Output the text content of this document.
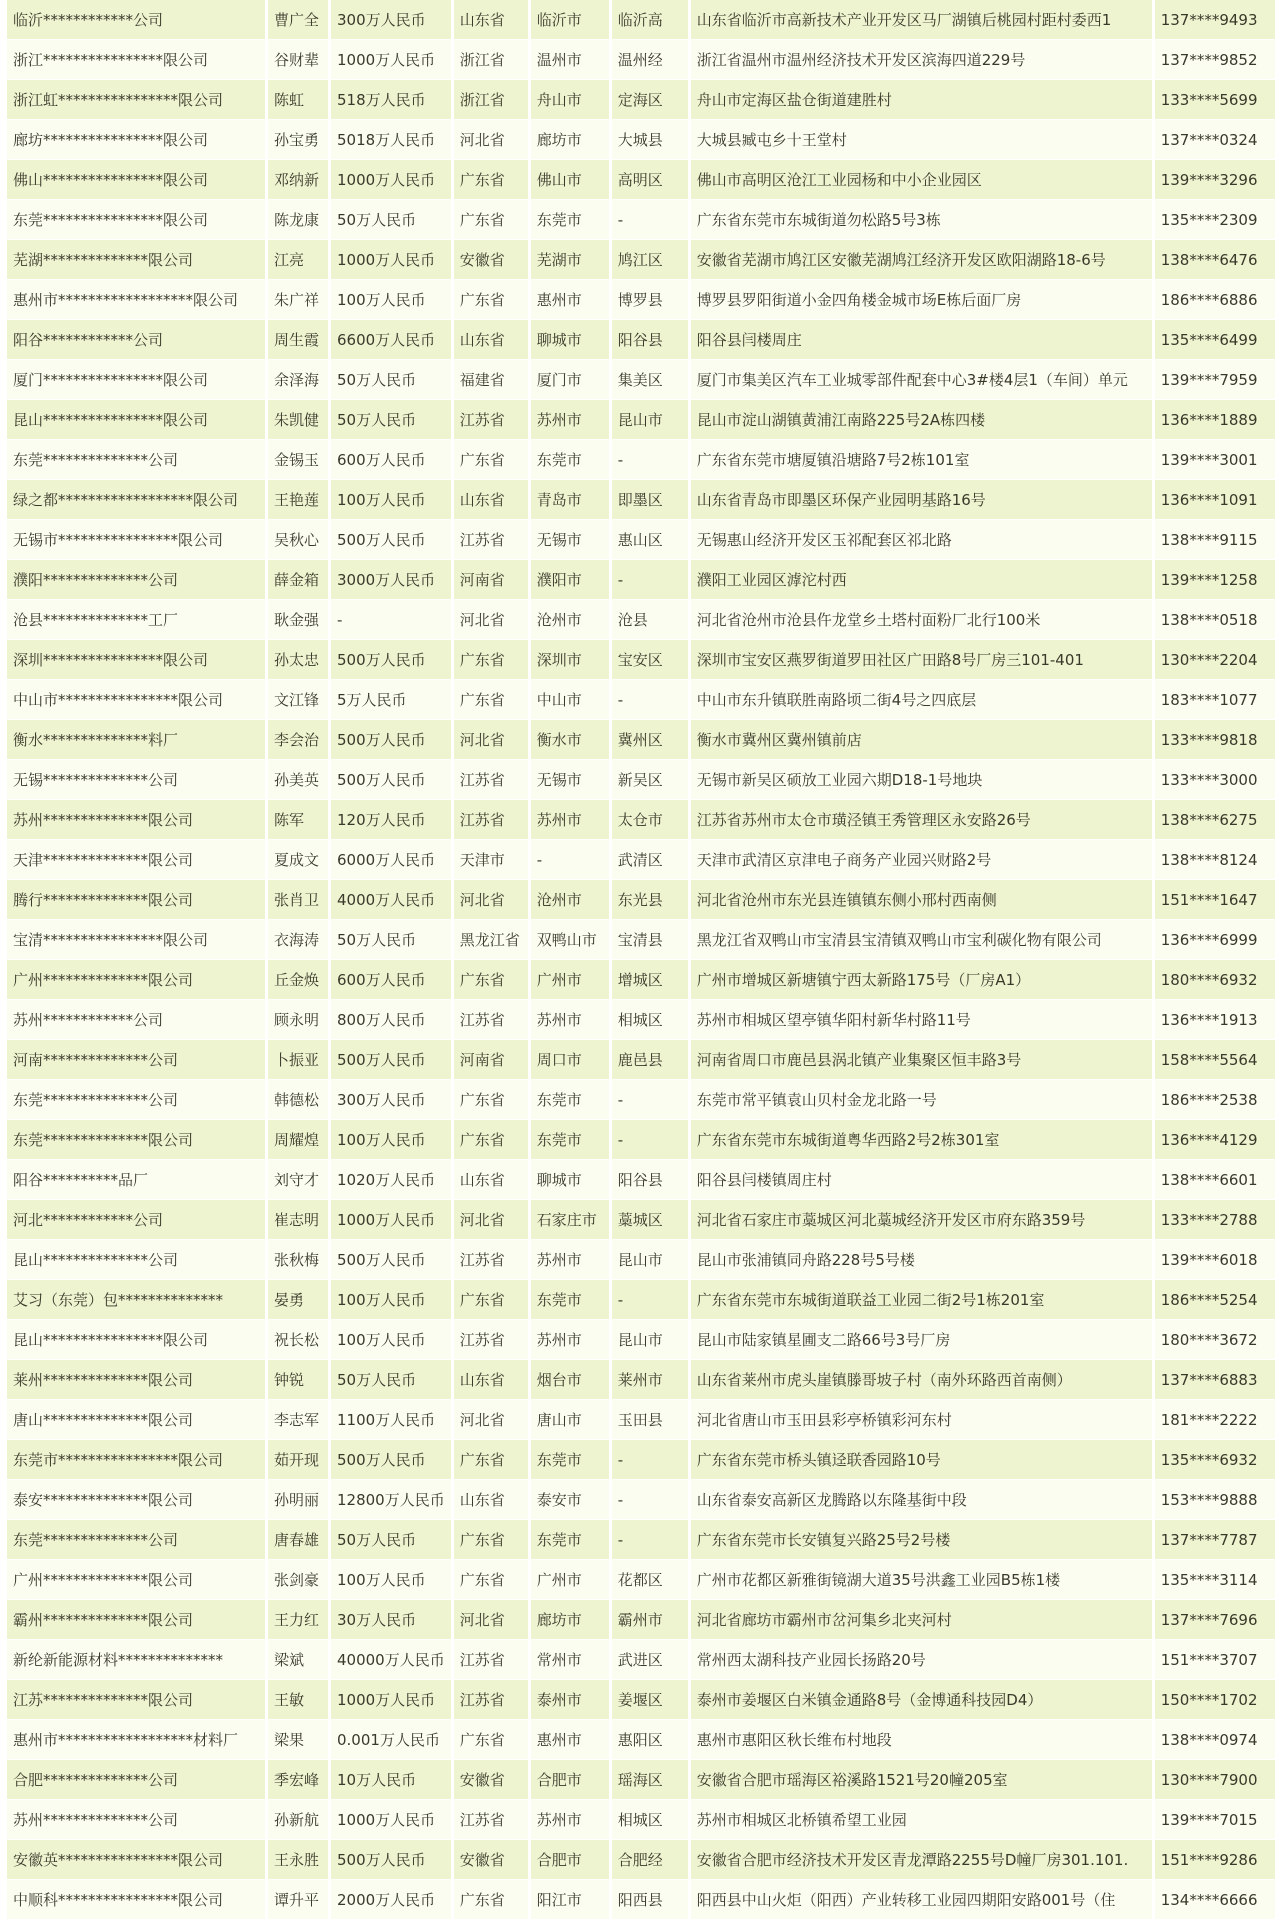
临沂************公司	曹广全	300万人民币	山东省	临沂市	临沂高	山东省临沂市高新技术产业开发区马厂湖镇后桃园村距村委西1	137****9493
浙江****************限公司	谷财辈	1000万人民币	浙江省	温州市	温州经	浙江省温州市温州经济技术开发区滨海四道229号	137****9852
浙江虹****************限公司	陈虹	518万人民币	浙江省	舟山市	定海区	舟山市定海区盐仓街道建胜村	133****5699
廊坊****************限公司	孙宝勇	5018万人民币	河北省	廊坊市	大城县	大城县臧屯乡十王堂村	137****0324
佛山****************限公司	邓纳新	1000万人民币	广东省	佛山市	高明区	佛山市高明区沧江工业园杨和中小企业园区	139****3296
东莞****************限公司	陈龙康	50万人民币	广东省	东莞市	-	广东省东莞市东城街道勿松路5号3栋	135****2309
芜湖**************限公司	江亮	1000万人民币	安徽省	芜湖市	鸠江区	安徽省芜湖市鸠江区安徽芜湖鸠江经济开发区欧阳湖路18-6号	138****6476
惠州市******************限公司	朱广祥	100万人民币	广东省	惠州市	博罗县	博罗县罗阳街道小金四角楼金城市场E栋后面厂房	186****6886
阳谷************公司	周生霞	6600万人民币	山东省	聊城市	阳谷县	阳谷县闫楼周庄	135****6499
厦门****************限公司	余泽海	50万人民币	福建省	厦门市	集美区	厦门市集美区汽车工业城零部件配套中心3#楼4层1（车间）单元	139****7959
昆山****************限公司	朱凯健	50万人民币	江苏省	苏州市	昆山市	昆山市淀山湖镇黄浦江南路225号2A栋四楼	136****1889
东莞**************公司	金锡玉	600万人民币	广东省	东莞市	-	广东省东莞市塘厦镇沿塘路7号2栋101室	139****3001
绿之都******************限公司	王艳莲	100万人民币	山东省	青岛市	即墨区	山东省青岛市即墨区环保产业园明基路16号	136****1091
无锡市****************限公司	吴秋心	500万人民币	江苏省	无锡市	惠山区	无锡惠山经济开发区玉祁配套区祁北路	138****9115
濮阳**************公司	薛金箱	3000万人民币	河南省	濮阳市	-	濮阳工业园区滹沱村西	139****1258
沧县**************工厂	耿金强	-	河北省	沧州市	沧县	河北省沧州市沧县仵龙堂乡土塔村面粉厂北行100米	138****0518
深圳****************限公司	孙太忠	500万人民币	广东省	深圳市	宝安区	深圳市宝安区燕罗街道罗田社区广田路8号厂房三101-401	130****2204
中山市****************限公司	文江锋	5万人民币	广东省	中山市	-	中山市东升镇联胜南路顷二街4号之四底层	183****1077
衡水**************料厂	李会治	500万人民币	河北省	衡水市	冀州区	衡水市冀州区冀州镇前店	133****9818
无锡**************公司	孙美英	500万人民币	江苏省	无锡市	新吴区	无锡市新吴区硕放工业园六期D18-1号地块	133****3000
苏州**************限公司	陈军	120万人民币	江苏省	苏州市	太仓市	江苏省苏州市太仓市璜泾镇王秀管理区永安路26号	138****6275
天津**************限公司	夏成文	6000万人民币	天津市	-	武清区	天津市武清区京津电子商务产业园兴财路2号	138****8124
腾行**************限公司	张肖卫	4000万人民币	河北省	沧州市	东光县	河北省沧州市东光县连镇镇东侧小邢村西南侧	151****1647
宝清****************限公司	衣海涛	50万人民币	黑龙江省	双鸭山市	宝清县	黑龙江省双鸭山市宝清县宝清镇双鸭山市宝利碳化物有限公司	136****6999
广州**************限公司	丘金焕	600万人民币	广东省	广州市	增城区	广州市增城区新塘镇宁西太新路175号（厂房A1）	180****6932
苏州************公司	顾永明	800万人民币	江苏省	苏州市	相城区	苏州市相城区望亭镇华阳村新华村路11号	136****1913
河南**************公司	卜振亚	500万人民币	河南省	周口市	鹿邑县	河南省周口市鹿邑县涡北镇产业集聚区恒丰路3号	158****5564
东莞**************公司	韩德松	300万人民币	广东省	东莞市	-	东莞市常平镇袁山贝村金龙北路一号	186****2538
东莞**************限公司	周耀煌	100万人民币	广东省	东莞市	-	广东省东莞市东城街道粤华西路2号2栋301室	136****4129
阳谷**********品厂	刘守才	1020万人民币	山东省	聊城市	阳谷县	阳谷县闫楼镇周庄村	138****6601
河北************公司	崔志明	1000万人民币	河北省	石家庄市	藁城区	河北省石家庄市藁城区河北藁城经济开发区市府东路359号	133****2788
昆山**************公司	张秋梅	500万人民币	江苏省	苏州市	昆山市	昆山市张浦镇同舟路228号5号楼	139****6018
艾习（东莞）包**************	晏勇	100万人民币	广东省	东莞市	-	广东省东莞市东城街道联益工业园二街2号1栋201室	186****5254
昆山****************限公司	祝长松	100万人民币	江苏省	苏州市	昆山市	昆山市陆家镇星圃支二路66号3号厂房	180****3672
莱州**************限公司	钟锐	50万人民币	山东省	烟台市	莱州市	山东省莱州市虎头崖镇滕哥坡子村（南外环路西首南侧）	137****6883
唐山**************限公司	李志军	1100万人民币	河北省	唐山市	玉田县	河北省唐山市玉田县彩亭桥镇彩河东村	181****2222
东莞市****************限公司	茹开现	500万人民币	广东省	东莞市	-	广东省东莞市桥头镇迳联香园路10号	135****6932
泰安**************限公司	孙明丽	12800万人民币	山东省	泰安市	-	山东省泰安高新区龙腾路以东隆基街中段	153****9888
东莞**************公司	唐春雄	50万人民币	广东省	东莞市	-	广东省东莞市长安镇复兴路25号2号楼	137****7787
广州**************限公司	张剑豪	100万人民币	广东省	广州市	花都区	广州市花都区新雅街镜湖大道35号洪鑫工业园B5栋1楼	135****3114
霸州**************限公司	王力红	30万人民币	河北省	廊坊市	霸州市	河北省廊坊市霸州市岔河集乡北夹河村	137****7696
新纶新能源材料**************	梁斌	40000万人民币	江苏省	常州市	武进区	常州西太湖科技产业园长扬路20号	151****3707
江苏**************限公司	王敏	1000万人民币	江苏省	泰州市	姜堰区	泰州市姜堰区白米镇金通路8号（金博通科技园D4）	150****1702
惠州市******************材料厂	梁果	0.001万人民币	广东省	惠州市	惠阳区	惠州市惠阳区秋长维布村地段	138****0974
合肥**************公司	季宏峰	10万人民币	安徽省	合肥市	瑶海区	安徽省合肥市瑶海区裕溪路1521号20幢205室	130****7900
苏州**************公司	孙新航	1000万人民币	江苏省	苏州市	相城区	苏州市相城区北桥镇希望工业园	139****7015
安徽英****************限公司	王永胜	500万人民币	安徽省	合肥市	合肥经	安徽省合肥市经济技术开发区青龙潭路2255号D幢厂房301.101.	151****9286
中顺科****************限公司	谭升平	2000万人民币	广东省	阳江市	阳西县	阳西县中山火炬（阳西）产业转移工业园四期阳安路001号（住	134****6666
